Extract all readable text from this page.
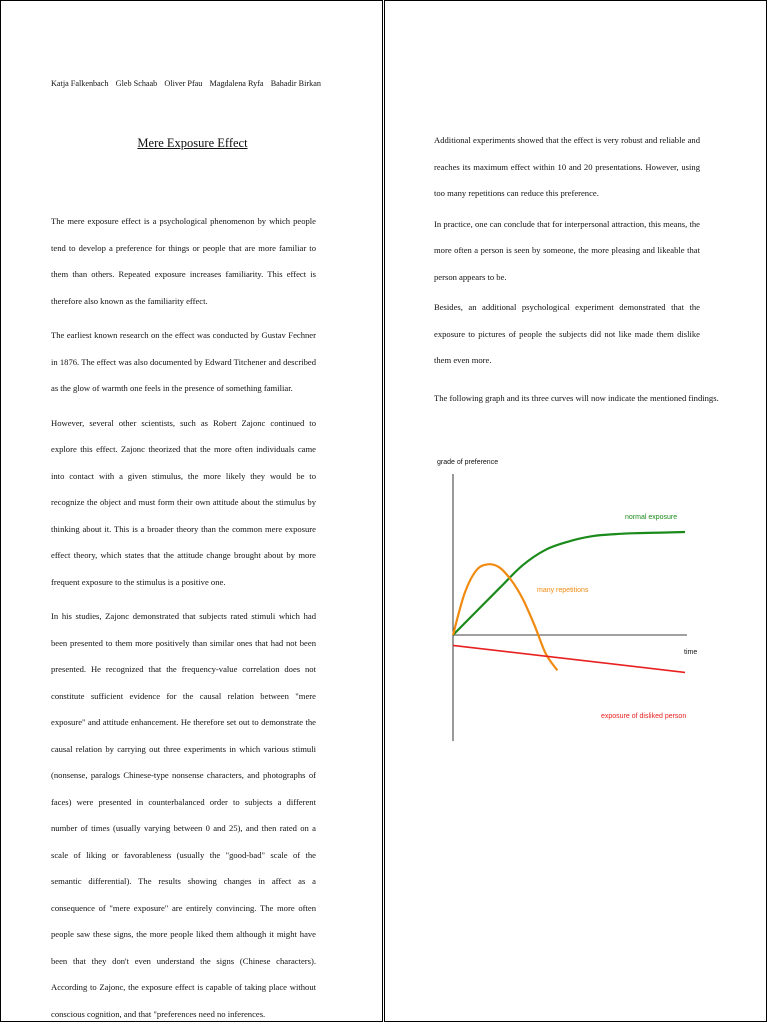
Katja Falkenbach Gleb Schaab Oliver Pfau Magdalena Ryfa Bahadir Birkan
Mere Exposure Effect

The mere exposure effect is a psychological phenomenon by which people tend to develop a preference for things or people that are more familiar to them than others. Repeated exposure increases familiarity. This effect is therefore also known as the familiarity effect.

The earliest known research on the effect was conducted by Gustav Fechner in 1876. The effect was also documented by Edward Titchener and described as the glow of warmth one feels in the presence of something familiar.

However, several other scientists, such as Robert Zajonc continued to explore this effect. Zajonc theorized that the more often individuals came into contact with a given stimulus, the more likely they would be to recognize the object and must form their own attitude about the stimulus by thinking about it. This is a broader theory than the common mere exposure effect theory, which states that the attitude change brought about by more frequent exposure to the stimulus is a positive one.

In his studies, Zajonc demonstrated that subjects rated stimuli which had been presented to them more positively than similar ones that had not been presented. He recognized that the frequency-value correlation does not constitute sufficient evidence for the causal relation between "mere exposure" and attitude enhancement. He therefore set out to demonstrate the causal relation by carrying out three experiments in which various stimuli (nonsense, paralogs Chinese-type nonsense characters, and photographs of faces) were presented in counterbalanced order to subjects a different number of times (usually varying between 0 and 25), and then rated on a scale of liking or favorableness (usually the "good-bad" scale of the semantic differential). The results showing changes in affect as a consequence of "mere exposure" are entirely convincing. The more often people saw these signs, the more people liked them although it might have been that they don't even understand the signs (Chinese characters). According to Zajonc, the exposure effect is capable of taking place without conscious cognition, and that "preferences need no inferences.

Additional experiments showed that the effect is very robust and reliable and reaches its maximum effect within 10 and 20 presentations. However, using too many repetitions can reduce this preference.

In practice, one can conclude that for interpersonal attraction, this means, the more often a person is seen by someone, the more pleasing and likeable that person appears to be.

Besides, an additional psychological experiment demonstrated that the exposure to pictures of people the subjects did not like made them dislike them even more.

The following graph and its three curves will now indicate the mentioned findings.
grade of preference
time
normal exposure
many repetitions
exposure of disliked person
